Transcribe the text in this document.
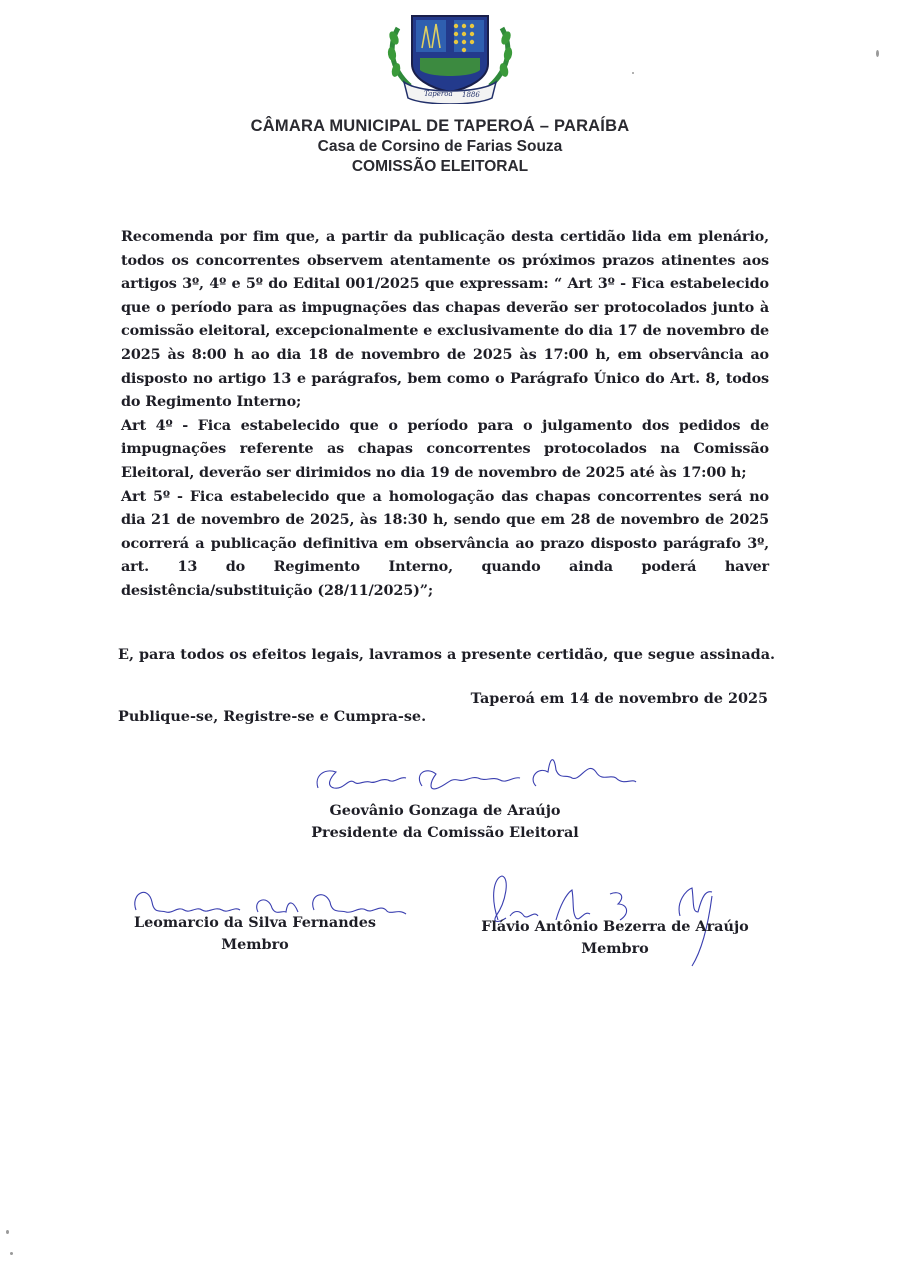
Taperoá 1886
CÂMARA MUNICIPAL DE TAPEROÁ – PARAÍBA
Casa de Corsino de Farias Souza
COMISSÃO ELEITORAL

Recomenda por fim que, a partir da publicação desta certidão lida em plenário, todos os concorrentes observem atentamente os próximos prazos atinentes aos artigos 3º, 4º e 5º do Edital 001/2025 que expressam: “ Art 3º - Fica estabelecido que o período para as impugnações das chapas deverão ser protocolados junto à comissão eleitoral, excepcionalmente e exclusivamente do dia 17 de novembro de 2025 às 8:00 h ao dia 18 de novembro de 2025 às 17:00 h, em observância ao disposto no artigo 13 e parágrafos, bem como o Parágrafo Único do Art. 8, todos do Regimento Interno;

Art 4º - Fica estabelecido que o período para o julgamento dos pedidos de impugnações referente as chapas concorrentes protocolados na Comissão Eleitoral, deverão ser dirimidos no dia 19 de novembro de 2025 até às 17:00 h;

Art 5º - Fica estabelecido que a homologação das chapas concorrentes será no dia 21 de novembro de 2025, às 18:30 h, sendo que em 28 de novembro de 2025 ocorrerá a publicação definitiva em observância ao prazo disposto parágrafo 3º, art. 13 do Regimento Interno, quando ainda poderá haver desistência/substituição (28/11/2025)”;

E, para todos os efeitos legais, lavramos a presente certidão, que segue assinada.
Taperoá em 14 de novembro de 2025
Publique-se, Registre-se e Cumpra-se.
Geovânio Gonzaga de Araújo
Presidente da Comissão Eleitoral
Leomarcio da Silva Fernandes
Membro
Flávio Antônio Bezerra de Araújo
Membro
